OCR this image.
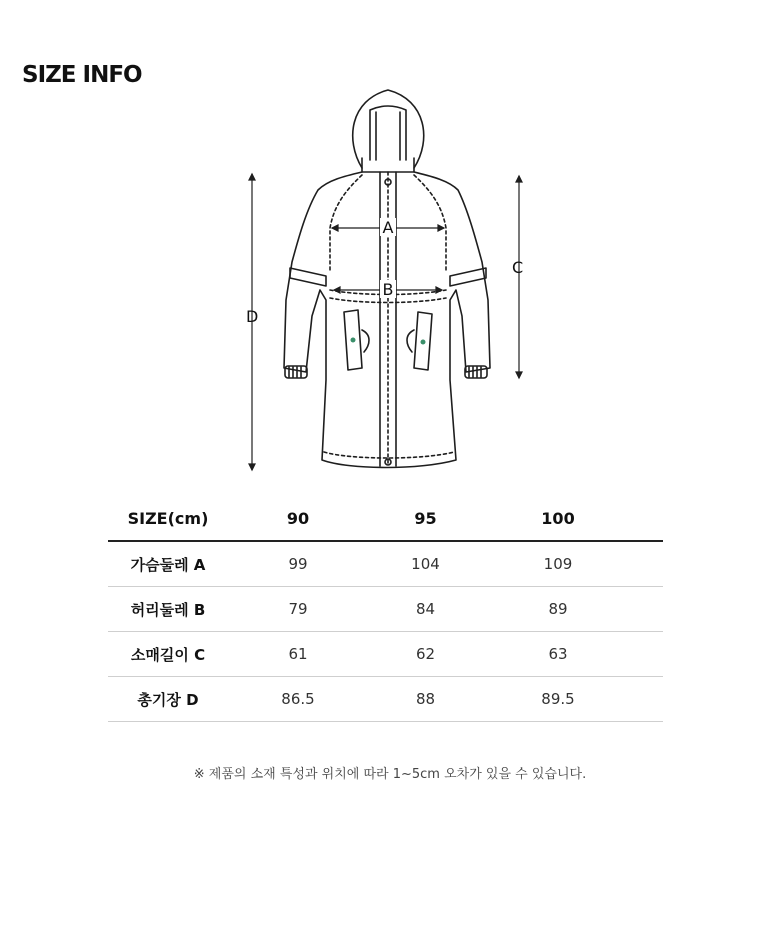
SIZE INFO
A
B
C
D
SIZE(cm)	90	95	100	
가슴둘레 A	99	104	109	
허리둘레 B	79	84	89	
소매길이 C	61	62	63	
총기장 D	86.5	88	89.5	
※ 제품의 소재 특성과 위치에 따라 1~5cm 오차가 있을 수 있습니다.
